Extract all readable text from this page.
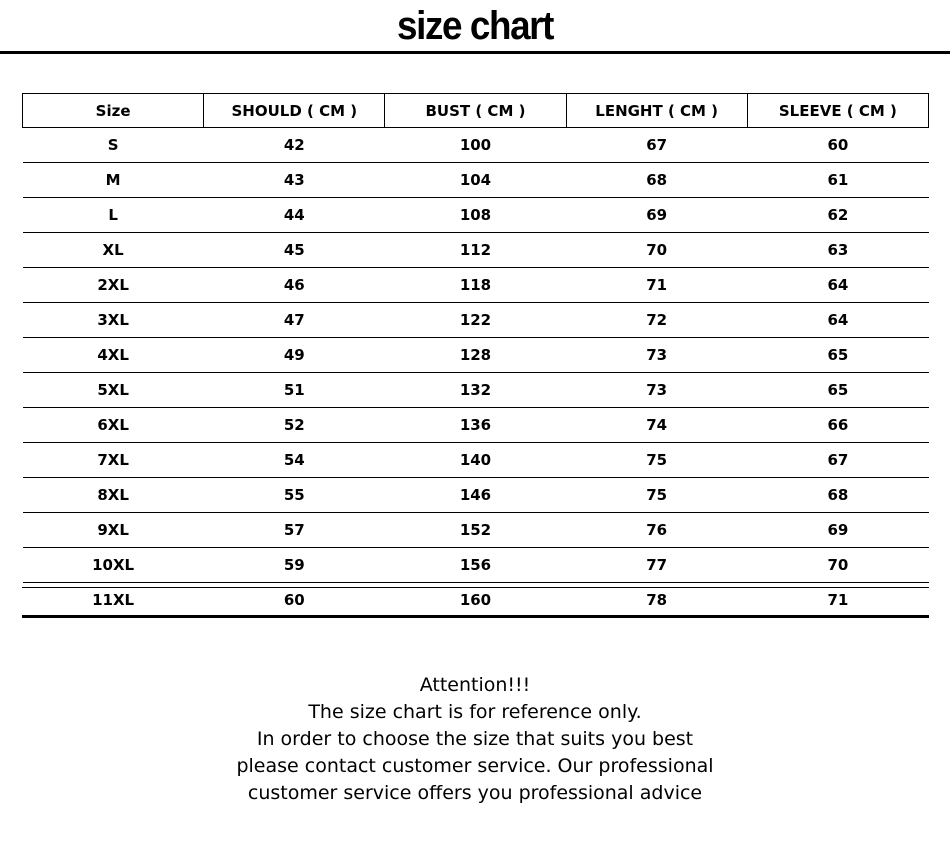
size chart
Size	SHOULD ( CM )	BUST ( CM )	LENGHT ( CM )	SLEEVE ( CM )
S	42	100	67	60
M	43	104	68	61
L	44	108	69	62
XL	45	112	70	63
2XL	46	118	71	64
3XL	47	122	72	64
4XL	49	128	73	65
5XL	51	132	73	65
6XL	52	136	74	66
7XL	54	140	75	67
8XL	55	146	75	68
9XL	57	152	76	69
10XL	59	156	77	70
11XL	60	160	78	71
Attention!!!
The size chart is for reference only.
In order to choose the size that suits you best
please contact customer service. Our professional
customer service offers you professional advice
